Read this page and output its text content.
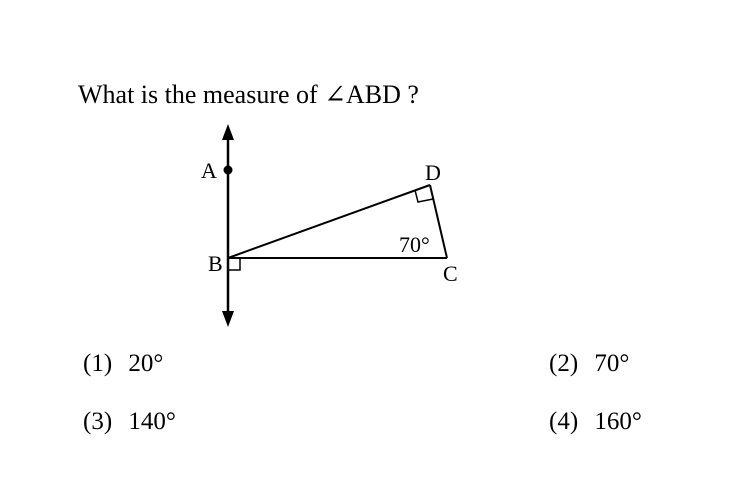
What is the measure of ∠ABD ?
A
B	C
D
70°
(1) 20°	(2) 70°
(3) 140°	(4) 160°
